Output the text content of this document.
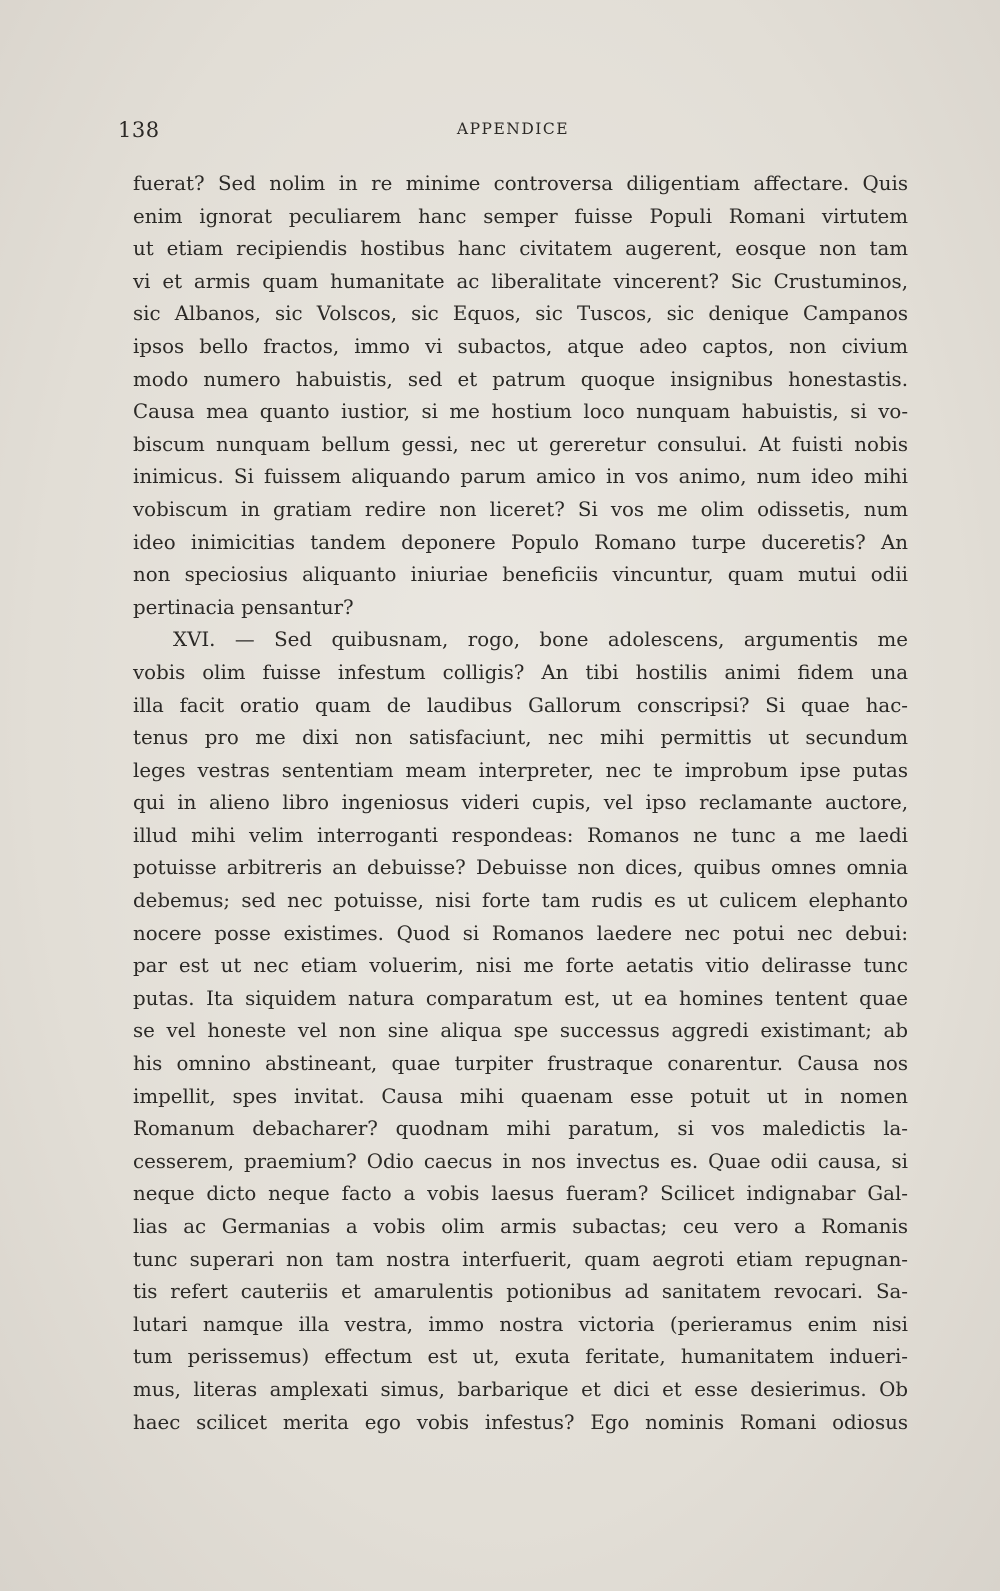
138	APPENDICE
fuerat? Sed nolim in re minime controversa diligentiam affectare. Quis
enim ignorat peculiarem hanc semper fuisse Populi Romani virtutem
ut etiam recipiendis hostibus hanc civitatem augerent, eosque non tam
vi et armis quam humanitate ac liberalitate vincerent? Sic Crustuminos,
sic Albanos, sic Volscos, sic Equos, sic Tuscos, sic denique Campanos
ipsos bello fractos, immo vi subactos, atque adeo captos, non civium
modo numero habuistis, sed et patrum quoque insignibus honestastis.
Causa mea quanto iustior, si me hostium loco nunquam habuistis, si vo-
biscum nunquam bellum gessi, nec ut gereretur consului. At fuisti nobis
inimicus. Si fuissem aliquando parum amico in vos animo, num ideo mihi
vobiscum in gratiam redire non liceret? Si vos me olim odissetis, num
ideo inimicitias tandem deponere Populo Romano turpe duceretis? An
non speciosius aliquanto iniuriae beneficiis vincuntur, quam mutui odii
pertinacia pensantur?
XVI. — Sed quibusnam, rogo, bone adolescens, argumentis me
vobis olim fuisse infestum colligis? An tibi hostilis animi fidem una
illa facit oratio quam de laudibus Gallorum conscripsi? Si quae hac-
tenus pro me dixi non satisfaciunt, nec mihi permittis ut secundum
leges vestras sententiam meam interpreter, nec te improbum ipse putas
qui in alieno libro ingeniosus videri cupis, vel ipso reclamante auctore,
illud mihi velim interroganti respondeas: Romanos ne tunc a me laedi
potuisse arbitreris an debuisse? Debuisse non dices, quibus omnes omnia
debemus; sed nec potuisse, nisi forte tam rudis es ut culicem elephanto
nocere posse existimes. Quod si Romanos laedere nec potui nec debui:
par est ut nec etiam voluerim, nisi me forte aetatis vitio delirasse tunc
putas. Ita siquidem natura comparatum est, ut ea homines tentent quae
se vel honeste vel non sine aliqua spe successus aggredi existimant; ab
his omnino abstineant, quae turpiter frustraque conarentur. Causa nos
impellit, spes invitat. Causa mihi quaenam esse potuit ut in nomen
Romanum debacharer? quodnam mihi paratum, si vos maledictis la-
cesserem, praemium? Odio caecus in nos invectus es. Quae odii causa, si
neque dicto neque facto a vobis laesus fueram? Scilicet indignabar Gal-
lias ac Germanias a vobis olim armis subactas; ceu vero a Romanis
tunc superari non tam nostra interfuerit, quam aegroti etiam repugnan-
tis refert cauteriis et amarulentis potionibus ad sanitatem revocari. Sa-
lutari namque illa vestra, immo nostra victoria (perieramus enim nisi
tum perissemus) effectum est ut, exuta feritate, humanitatem indueri-
mus, literas amplexati simus, barbarique et dici et esse desierimus. Ob
haec scilicet merita ego vobis infestus? Ego nominis Romani odiosus
